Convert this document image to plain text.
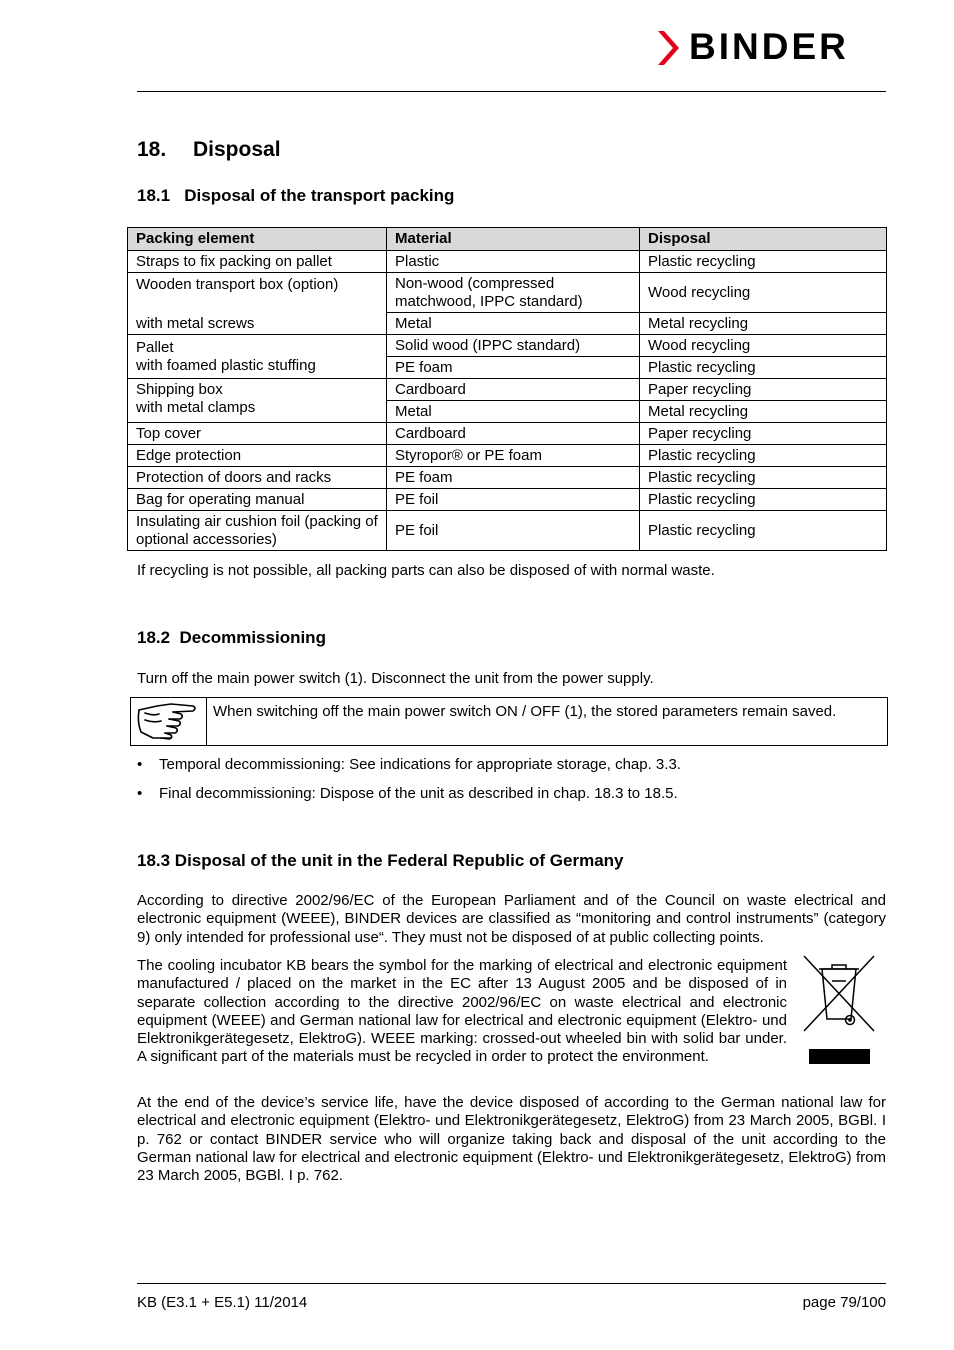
BINDER
18. Disposal
18.1   Disposal of the transport packing
Packing element	Material	Disposal
Straps to fix packing on pallet	Plastic	Plastic recycling
Wooden transport box (option)	Non-wood (compressed matchwood, IPPC standard)	Wood recycling
with metal screws	Metal	Metal recycling

Pallet
with foamed plastic stuffing	Solid wood (IPPC standard)	Wood recycling
	PE foam	Plastic recycling

Shipping box
with metal clamps	Cardboard	Paper recycling
	Metal	Metal recycling
Top cover	Cardboard	Paper recycling
Edge protection	Styropor® or PE foam	Plastic recycling
Protection of doors and racks	PE foam	Plastic recycling
Bag for operating manual	PE foil	Plastic recycling
Insulating air cushion foil (packing of optional accessories)	PE foil	Plastic recycling

If recycling is not possible, all packing parts can also be disposed of with normal waste.

18.2  Decommissioning

Turn off the main power switch (1). Disconnect the unit from the power supply.

When switching off the main power switch ON / OFF (1), the stored parameters remain saved.
• Temporal decommissioning: See indications for appropriate storage, chap. 3.3.
• Final decommissioning: Dispose of the unit as described in chap. 18.3 to 18.5.
18.3 Disposal of the unit in the Federal Republic of Germany

According to directive 2002/96/EC of the European Parliament and of the Council on waste electrical and electronic equipment (WEEE), BINDER devices are classified as “monitoring and control instruments” (category 9) only intended for professional use“. They must not be disposed of at public collecting points.

The cooling incubator KB bears the symbol for the marking of electrical and electronic equipment manufactured / placed on the market in the EC after 13 August 2005 and be disposed of in separate collection according to the directive 2002/96/EC on waste electrical and electronic equipment (WEEE) and German national law for electrical and electronic equipment (Elektro- und Elektronikgerätegesetz, ElektroG). WEEE marking: crossed-out wheeled bin with solid bar under. A significant part of the materials must be recycled in order to protect the environment.

At the end of the device’s service life, have the device disposed of according to the German national law for electrical and electronic equipment (Elektro- und Elektronikgerätegesetz, ElektroG) from 23 March 2005, BGBl. I p. 762 or contact BINDER service who will organize taking back and disposal of the unit according to the German national law for electrical and electronic equipment (Elektro- und Elektronikgerätegesetz, ElektroG) from 23 March 2005, BGBl. I p. 762.

KB (E3.1 + E5.1) 11/2014	page 79/100
